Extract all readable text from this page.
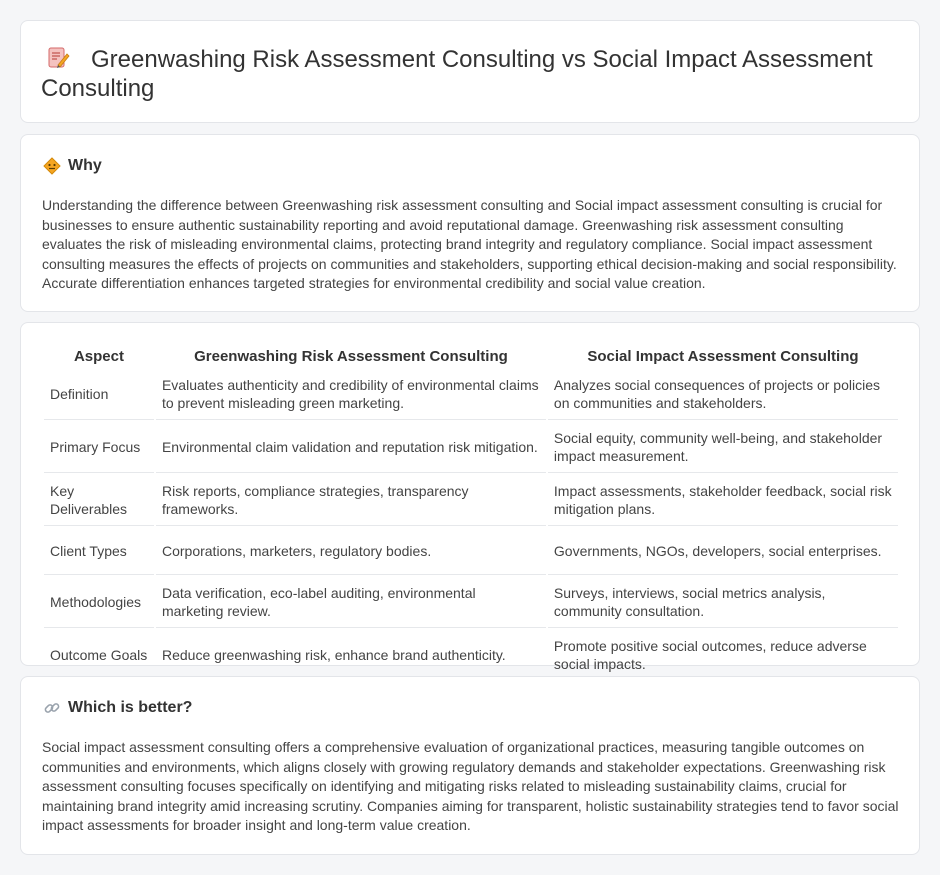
Greenwashing Risk Assessment Consulting vs Social Impact Assessment Consulting
Why

Understanding the difference between Greenwashing risk assessment consulting and Social impact assessment consulting is crucial for businesses to ensure authentic sustainability reporting and avoid reputational damage. Greenwashing risk assessment consulting evaluates the risk of misleading environmental claims, protecting brand integrity and regulatory compliance. Social impact assessment consulting measures the effects of projects on communities and stakeholders, supporting ethical decision-making and social responsibility. Accurate differentiation enhances targeted strategies for environmental credibility and social value creation.

Aspect	Greenwashing Risk Assessment Consulting	Social Impact Assessment Consulting
Definition	Evaluates authenticity and credibility of environmental claims to prevent misleading green marketing.	Analyzes social consequences of projects or policies on communities and stakeholders.
Primary Focus	Environmental claim validation and reputation risk mitigation.	Social equity, community well-being, and stakeholder impact measurement.
Key Deliverables	Risk reports, compliance strategies, transparency frameworks.	Impact assessments, stakeholder feedback, social risk mitigation plans.
Client Types	Corporations, marketers, regulatory bodies.	Governments, NGOs, developers, social enterprises.
Methodologies	Data verification, eco-label auditing, environmental marketing review.	Surveys, interviews, social metrics analysis, community consultation.
Outcome Goals	Reduce greenwashing risk, enhance brand authenticity.	Promote positive social outcomes, reduce adverse social impacts.
Which is better?

Social impact assessment consulting offers a comprehensive evaluation of organizational practices, measuring tangible outcomes on communities and environments, which aligns closely with growing regulatory demands and stakeholder expectations. Greenwashing risk assessment consulting focuses specifically on identifying and mitigating risks related to misleading sustainability claims, crucial for maintaining brand integrity amid increasing scrutiny. Companies aiming for transparent, holistic sustainability strategies tend to favor social impact assessments for broader insight and long-term value creation.
